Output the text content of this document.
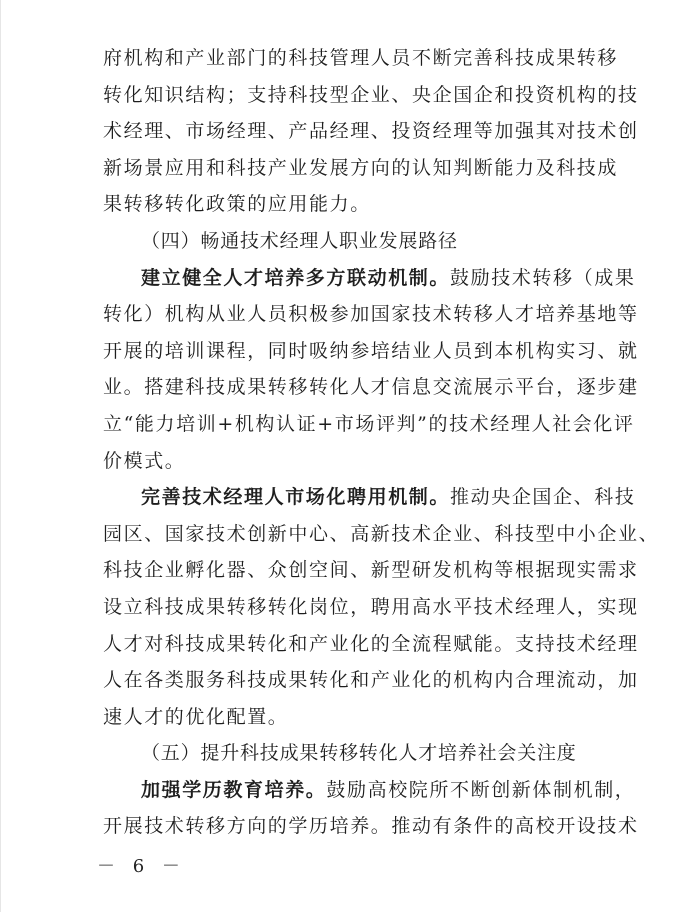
府机构和产业部门的科技管理人员不断完善科技成果转移
转化知识结构；支持科技型企业、央企国企和投资机构的技
术经理、市场经理、产品经理、投资经理等加强其对技术创
新场景应用和科技产业发展方向的认知判断能力及科技成
果转移转化政策的应用能力。
（四）畅通技术经理人职业发展路径
建立健全人才培养多方联动机制。鼓励技术转移（成果
转化）机构从业人员积极参加国家技术转移人才培养基地等
开展的培训课程，同时吸纳参培结业人员到本机构实习、就
业。搭建科技成果转移转化人才信息交流展示平台，逐步建
立“能力培训+机构认证+市场评判”的技术经理人社会化评
价模式。
完善技术经理人市场化聘用机制。推动央企国企、科技
园区、国家技术创新中心、高新技术企业、科技型中小企业、
科技企业孵化器、众创空间、新型研发机构等根据现实需求
设立科技成果转移转化岗位，聘用高水平技术经理人，实现
人才对科技成果转化和产业化的全流程赋能。支持技术经理
人在各类服务科技成果转化和产业化的机构内合理流动，加
速人才的优化配置。
（五）提升科技成果转移转化人才培养社会关注度
加强学历教育培养。鼓励高校院所不断创新体制机制，
开展技术转移方向的学历培养。推动有条件的高校开设技术
－ 6 －
